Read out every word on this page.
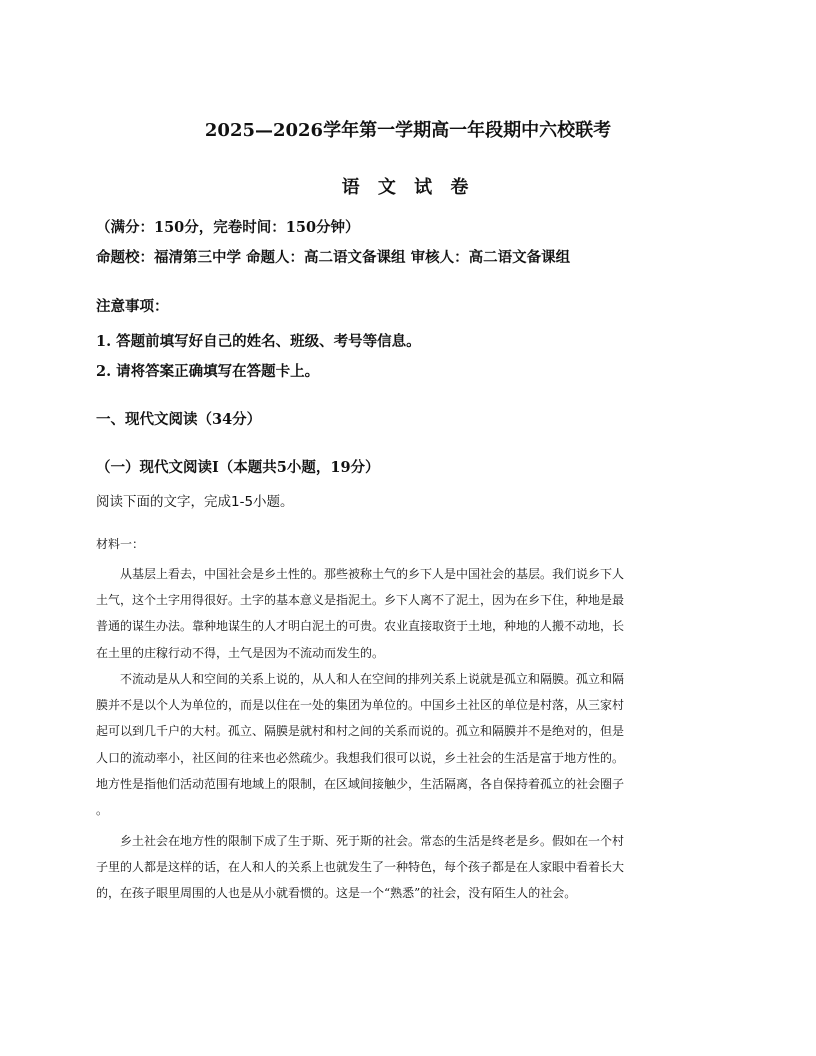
2025—2026学年第一学期高一年段期中六校联考
语 文 试 卷
（满分：150分，完卷时间：150分钟）
命题校：福清第三中学 命题人：高二语文备课组 审核人：高二语文备课组
注意事项：
1. 答题前填写好自己的姓名、班级、考号等信息。
2. 请将答案正确填写在答题卡上。
一、现代文阅读（34分）
（一）现代文阅读Ⅰ（本题共5小题，19分）
阅读下面的文字，完成1-5小题。
材料一：
从基层上看去，中国社会是乡土性的。那些被称土气的乡下人是中国社会的基层。我们说乡下人
土气，这个土字用得很好。土字的基本意义是指泥土。乡下人离不了泥土，因为在乡下住，种地是最
普通的谋生办法。靠种地谋生的人才明白泥土的可贵。农业直接取资于土地，种地的人搬不动地，长
在土里的庄稼行动不得，土气是因为不流动而发生的。
不流动是从人和空间的关系上说的，从人和人在空间的排列关系上说就是孤立和隔膜。孤立和隔
膜并不是以个人为单位的，而是以住在一处的集团为单位的。中国乡土社区的单位是村落，从三家村
起可以到几千户的大村。孤立、隔膜是就村和村之间的关系而说的。孤立和隔膜并不是绝对的，但是
人口的流动率小，社区间的往来也必然疏少。我想我们很可以说，乡土社会的生活是富于地方性的。
地方性是指他们活动范围有地域上的限制，在区域间接触少，生活隔离，各自保持着孤立的社会圈子
。
乡土社会在地方性的限制下成了生于斯、死于斯的社会。常态的生活是终老是乡。假如在一个村
子里的人都是这样的话，在人和人的关系上也就发生了一种特色，每个孩子都是在人家眼中看着长大
的，在孩子眼里周围的人也是从小就看惯的。这是一个“熟悉”的社会，没有陌生人的社会。
